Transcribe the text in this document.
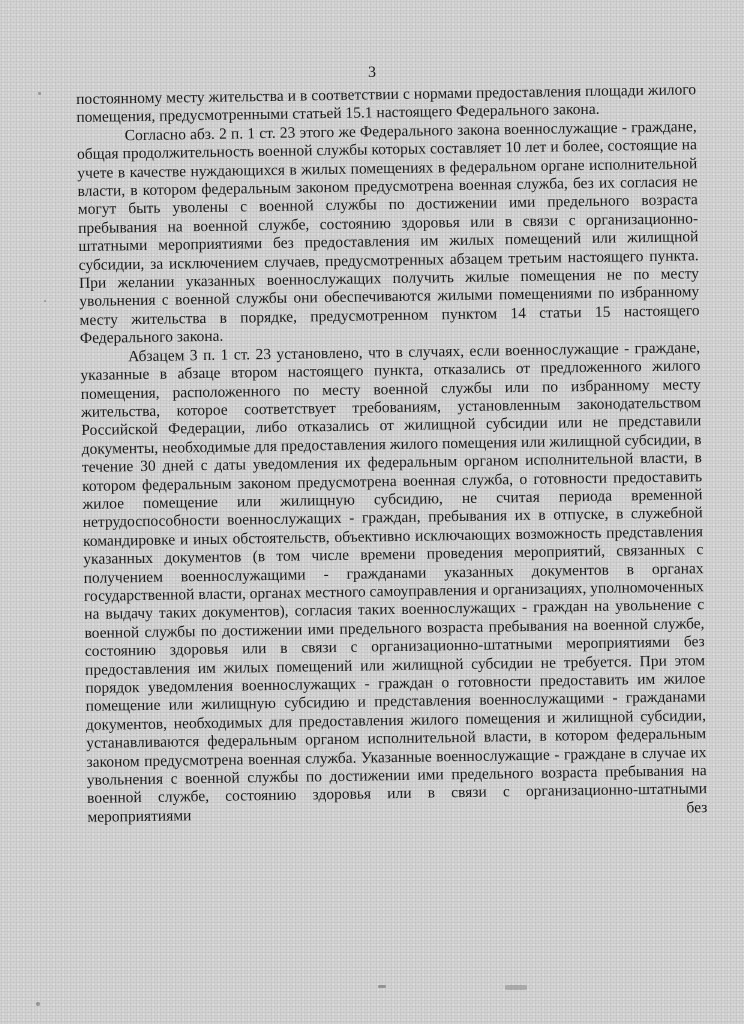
3

постоянному месту жительства и в соответствии с нормами предоставления площади жилого помещения, предусмотренными статьей 15.1 настоящего Федерального закона.

Согласно абз. 2 п. 1 ст. 23 этого же Федерального закона военнослужащие - граждане, общая продолжительность военной службы которых составляет 10 лет и более, состоящие на учете в качестве нуждающихся в жилых помещениях в федеральном органе исполнительной власти, в котором федеральным законом предусмотрена военная служба, без их согласия не могут быть уволены с военной службы по достижении ими предельного возраста пребывания на военной службе, состоянию здоровья или в связи с организационно-штатными мероприятиями без предоставления им жилых помещений или жилищной субсидии, за исключением случаев, предусмотренных абзацем третьим настоящего пункта. При желании указанных военнослужащих получить жилые помещения не по месту увольнения с военной службы они обеспечиваются жилыми помещениями по избранному месту жительства в порядке, предусмотренном пунктом 14 статьи 15 настоящего Федерального закона.

Абзацем 3 п. 1 ст. 23 установлено, что в случаях, если военнослужащие - граждане, указанные в абзаце втором настоящего пункта, отказались от предложенного жилого помещения, расположенного по месту военной службы или по избранному месту жительства, которое соответствует требованиям, установленным законодательством Российской Федерации, либо отказались от жилищной субсидии или не представили документы, необходимые для предоставления жилого помещения или жилищной субсидии, в течение 30 дней с даты уведомления их федеральным органом исполнительной власти, в котором федеральным законом предусмотрена военная служба, о готовности предоставить жилое помещение или жилищную субсидию, не считая периода временной нетрудоспособности военнослужащих - граждан, пребывания их в отпуске, в служебной командировке и иных обстоятельств, объективно исключающих возможность представления указанных документов (в том числе времени проведения мероприятий, связанных с получением военнослужащими - гражданами указанных документов в органах государственной власти, органах местного самоуправления и организациях, уполномоченных на выдачу таких документов), согласия таких военнослужащих - граждан на увольнение с военной службы по достижении ими предельного возраста пребывания на военной службе, состоянию здоровья или в связи с организационно-штатными мероприятиями без предоставления им жилых помещений или жилищной субсидии не требуется. При этом порядок уведомления военнослужащих - граждан о готовности предоставить им жилое помещение или жилищную субсидию и представления военнослужащими - гражданами документов, необходимых для предоставления жилого помещения и жилищной субсидии, устанавливаются федеральным органом исполнительной власти, в котором федеральным законом предусмотрена военная служба. Указанные военнослужащие - граждане в случае их увольнения с военной службы по достижении ими предельного возраста пребывания на военной службе, состоянию здоровья или в связи с организационно-штатными мероприятиями без
